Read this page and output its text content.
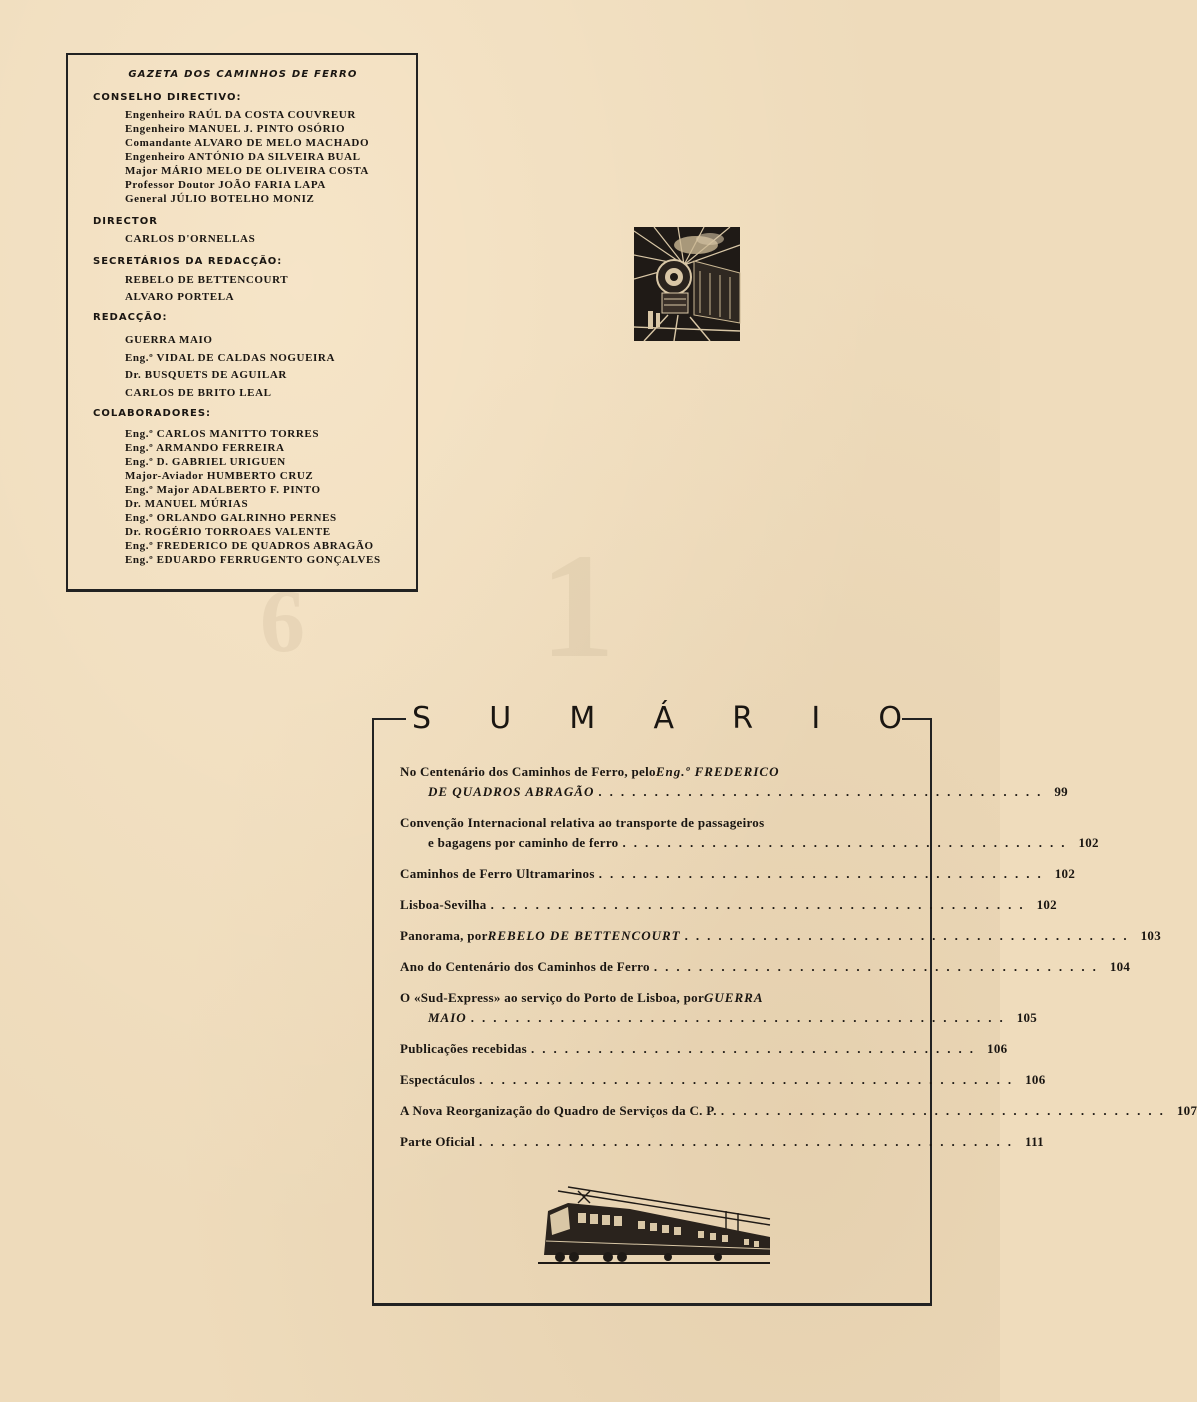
1
6
GAZETA DOS CAMINHOS DE FERRO
CONSELHO DIRECTIVO:
Engenheiro RAÚL DA COSTA COUVREUR
Engenheiro MANUEL J. PINTO OSÓRIO
Comandante ALVARO DE MELO MACHADO
Engenheiro ANTÓNIO DA SILVEIRA BUAL
Major MÁRIO MELO DE OLIVEIRA COSTA
Professor Doutor JOÃO FARIA LAPA
General JÚLIO BOTELHO MONIZ
DIRECTOR
CARLOS D'ORNELLAS
SECRETÁRIOS DA REDACÇÃO:
REBELO DE BETTENCOURT
ALVARO PORTELA
REDACÇÃO:
GUERRA MAIO
Eng.º VIDAL DE CALDAS NOGUEIRA
Dr. BUSQUETS DE AGUILAR
CARLOS DE BRITO LEAL
COLABORADORES:
Eng.º CARLOS MANITTO TORRES
Eng.º ARMANDO FERREIRA
Eng.º D. GABRIEL URIGUEN
Major-Aviador HUMBERTO CRUZ
Eng.º Major ADALBERTO F. PINTO
Dr. MANUEL MÚRIAS
Eng.º ORLANDO GALRINHO PERNES
Dr. ROGÉRIO TORROAES VALENTE
Eng.º FREDERICO DE QUADROS ABRAGÃO
Eng.º EDUARDO FERRUGENTO GONÇALVES
S U M Á R I O
No Centenário dos Caminhos de Ferro, pelo Eng.º FREDERICO
DE QUADROS ABRAGÃO ........................................ 99
Convenção Internacional relativa ao transporte de passageiros
e bagagens por caminho de ferro ........................................ 102
Caminhos de Ferro Ultramarinos ........................................ 102
Lisboa-Sevilha ................................................ 102
Panorama, por REBELO DE BETTENCOURT ........................................ 103
Ano do Centenário dos Caminhos de Ferro ........................................ 104
O «Sud-Express» ao serviço do Porto de Lisboa, por GUERRA
MAIO ................................................ 105
Publicações recebidas ........................................ 106
Espectáculos ................................................ 106
A Nova Reorganização do Quadro de Serviços da C. P. ........................................ 107
Parte Oficial ................................................ 111
